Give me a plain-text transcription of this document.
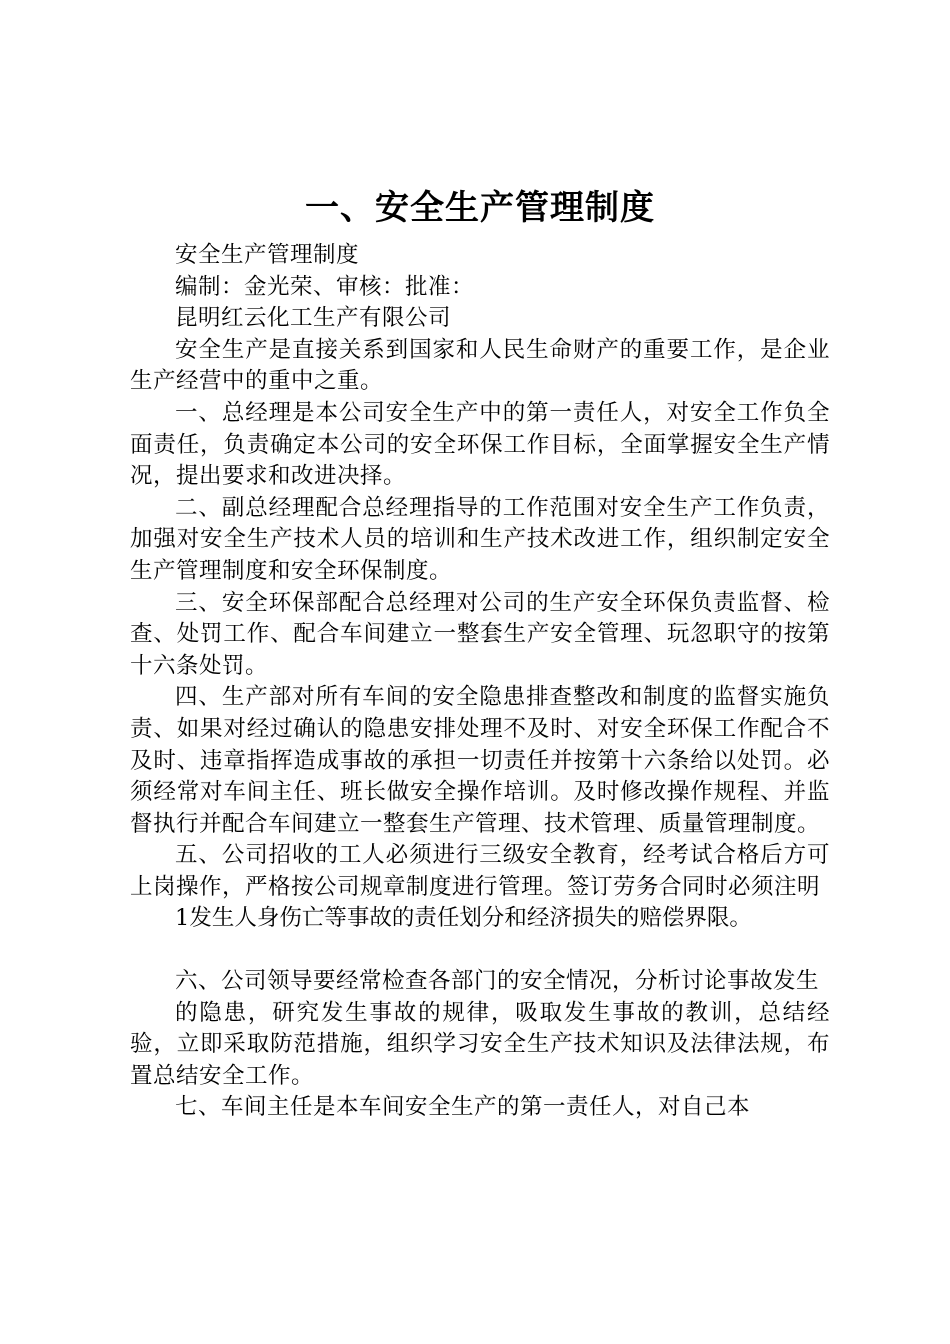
一、安全生产管理制度

安全生产管理制度

编制：金光荣、审核：批准：

昆明红云化工生产有限公司

安全生产是直接关系到国家和人民生命财产的重要工作，是企业生产经营中的重中之重。

一、总经理是本公司安全生产中的第一责任人，对安全工作负全面责任，负责确定本公司的安全环保工作目标，全面掌握安全生产情况，提出要求和改进决择。

二、副总经理配合总经理指导的工作范围对安全生产工作负责，加强对安全生产技术人员的培训和生产技术改进工作，组织制定安全生产管理制度和安全环保制度。

三、安全环保部配合总经理对公司的生产安全环保负责监督、检查、处罚工作、配合车间建立一整套生产安全管理、玩忽职守的按第十六条处罚。

四、生产部对所有车间的安全隐患排查整改和制度的监督实施负责、如果对经过确认的隐患安排处理不及时、对安全环保工作配合不及时、违章指挥造成事故的承担一切责任并按第十六条给以处罚。必须经常对车间主任、班长做安全操作培训。及时修改操作规程、并监督执行并配合车间建立一整套生产管理、技术管理、质量管理制度。

五、公司招收的工人必须进行三级安全教育，经考试合格后方可上岗操作，严格按公司规章制度进行管理。签订劳务合同时必须注明

1发生人身伤亡等事故的责任划分和经济损失的赔偿界限。

六、公司领导要经常检查各部门的安全情况，分析讨论事故发生

的隐患，研究发生事故的规律，吸取发生事故的教训，总结经验，立即采取防范措施，组织学习安全生产技术知识及法律法规，布置总结安全工作。

七、车间主任是本车间安全生产的第一责任人，对自己本
